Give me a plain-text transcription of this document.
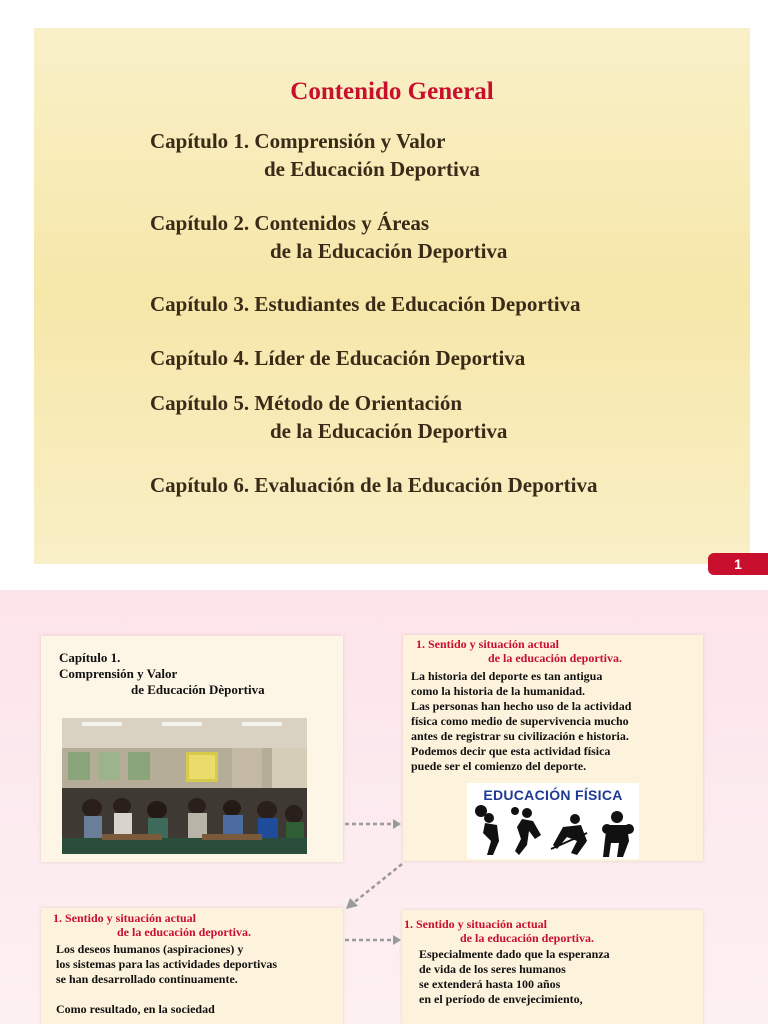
Contenido General
Capítulo 1. Comprensión y Valor
de Educación Deportiva
Capítulo 2. Contenidos y Áreas
de la Educación Deportiva
Capítulo 3. Estudiantes de Educación Deportiva
Capítulo 4. Líder de Educación Deportiva
Capítulo 5. Método de Orientación
de la Educación Deportiva
Capítulo 6. Evaluación de la Educación Deportiva
1
Capítulo 1.
Comprensión y Valor
de Educación Dèportiva
1. Sentido y situación actual
de la educación deportiva.
La historia del deporte es tan antigua
como la historia de la humanidad.
Las personas han hecho uso de la actividad
física como medio de supervivencia mucho
antes de registrar su civilización e historia.
Podemos decir que esta actividad física
puede ser el comienzo del deporte.
EDUCACIÓN FÍSICA
1. Sentido y situación actual
de la educación deportiva.
Los deseos humanos (aspiraciones) y
los sistemas para las actividades deportivas
se han desarrollado continuamente.

Como resultado, en la sociedad
1. Sentido y situación actual
de la educación deportiva.
Especialmente dado que la esperanza
de vida de los seres humanos
se extenderá hasta 100 años
en el período de envejecimiento,
